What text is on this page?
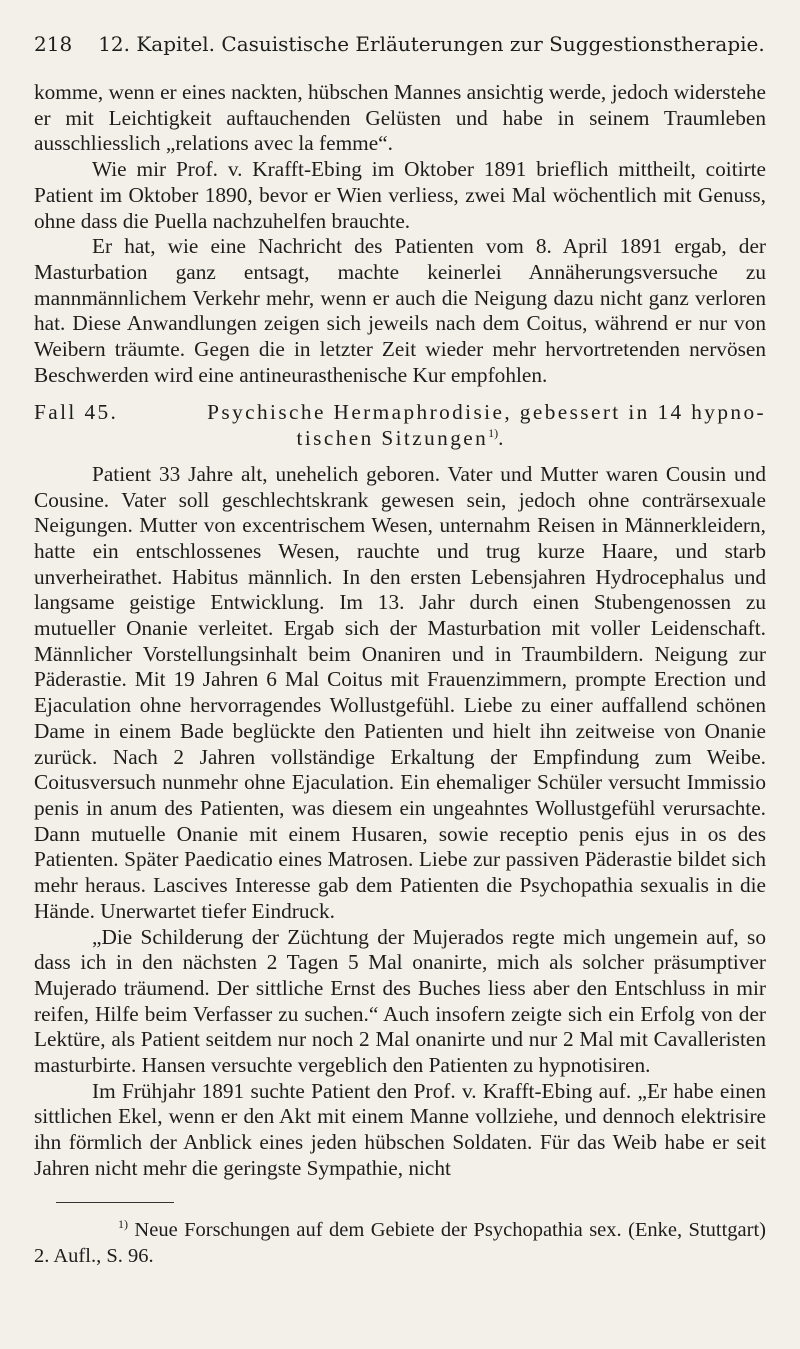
218 12. Kapitel. Casuistische Erläuterungen zur Suggestionstherapie.

komme, wenn er eines nackten, hübschen Mannes ansichtig werde, jedoch widerstehe er mit Leichtigkeit auftauchenden Gelüsten und habe in seinem Traumleben ausschliesslich „relations avec la femme“.

Wie mir Prof. v. Krafft-Ebing im Oktober 1891 brieflich mittheilt, coitirte Patient im Oktober 1890, bevor er Wien verliess, zwei Mal wöchentlich mit Genuss, ohne dass die Puella nachzuhelfen brauchte.

Er hat, wie eine Nachricht des Patienten vom 8. April 1891 ergab, der Masturbation ganz entsagt, machte keinerlei Annäherungsversuche zu mannmännlichem Verkehr mehr, wenn er auch die Neigung dazu nicht ganz verloren hat. Diese Anwandlungen zeigen sich jeweils nach dem Coitus, während er nur von Weibern träumte. Gegen die in letzter Zeit wieder mehr hervortretenden nervösen Beschwerden wird eine antineurasthenische Kur empfohlen.

Fall 45.	Psychische Hermaphrodisie, gebessert in 14 hypno-
tischen Sitzungen$^{1)}$.

Patient 33 Jahre alt, unehelich geboren. Vater und Mutter waren Cousin und Cousine. Vater soll geschlechtskrank gewesen sein, jedoch ohne conträrsexuale Neigungen. Mutter von excentrischem Wesen, unternahm Reisen in Männerkleidern, hatte ein entschlossenes Wesen, rauchte und trug kurze Haare, und starb unverheirathet. Habitus männlich. In den ersten Lebensjahren Hydrocephalus und langsame geistige Entwicklung. Im 13. Jahr durch einen Stubengenossen zu mutueller Onanie verleitet. Ergab sich der Masturbation mit voller Leidenschaft. Männlicher Vorstellungsinhalt beim Onaniren und in Traumbildern. Neigung zur Päderastie. Mit 19 Jahren 6 Mal Coitus mit Frauenzimmern, prompte Erection und Ejaculation ohne hervorragendes Wollustgefühl. Liebe zu einer auffallend schönen Dame in einem Bade beglückte den Patienten und hielt ihn zeitweise von Onanie zurück. Nach 2 Jahren vollständige Erkaltung der Empfindung zum Weibe. Coitusversuch nunmehr ohne Ejaculation. Ein ehemaliger Schüler versucht Immissio penis in anum des Patienten, was diesem ein ungeahntes Wollustgefühl verursachte. Dann mutuelle Onanie mit einem Husaren, sowie receptio penis ejus in os des Patienten. Später Paedicatio eines Matrosen. Liebe zur passiven Päderastie bildet sich mehr heraus. Lascives Interesse gab dem Patienten die Psychopathia sexualis in die Hände. Unerwartet tiefer Eindruck.

„Die Schilderung der Züchtung der Mujerados regte mich ungemein auf, so dass ich in den nächsten 2 Tagen 5 Mal onanirte, mich als solcher präsumptiver Mujerado träumend. Der sittliche Ernst des Buches liess aber den Entschluss in mir reifen, Hilfe beim Verfasser zu suchen.“ Auch insofern zeigte sich ein Erfolg von der Lektüre, als Patient seitdem nur noch 2 Mal onanirte und nur 2 Mal mit Cavalleristen masturbirte. Hansen versuchte vergeblich den Patienten zu hypnotisiren.

Im Frühjahr 1891 suchte Patient den Prof. v. Krafft-Ebing auf. „Er habe einen sittlichen Ekel, wenn er den Akt mit einem Manne vollziehe, und dennoch elektrisire ihn förmlich der Anblick eines jeden hübschen Soldaten. Für das Weib habe er seit Jahren nicht mehr die geringste Sympathie, nicht

$^{1)}$ Neue Forschungen auf dem Gebiete der Psychopathia sex. (Enke, Stuttgart) 2. Aufl., S. 96.
